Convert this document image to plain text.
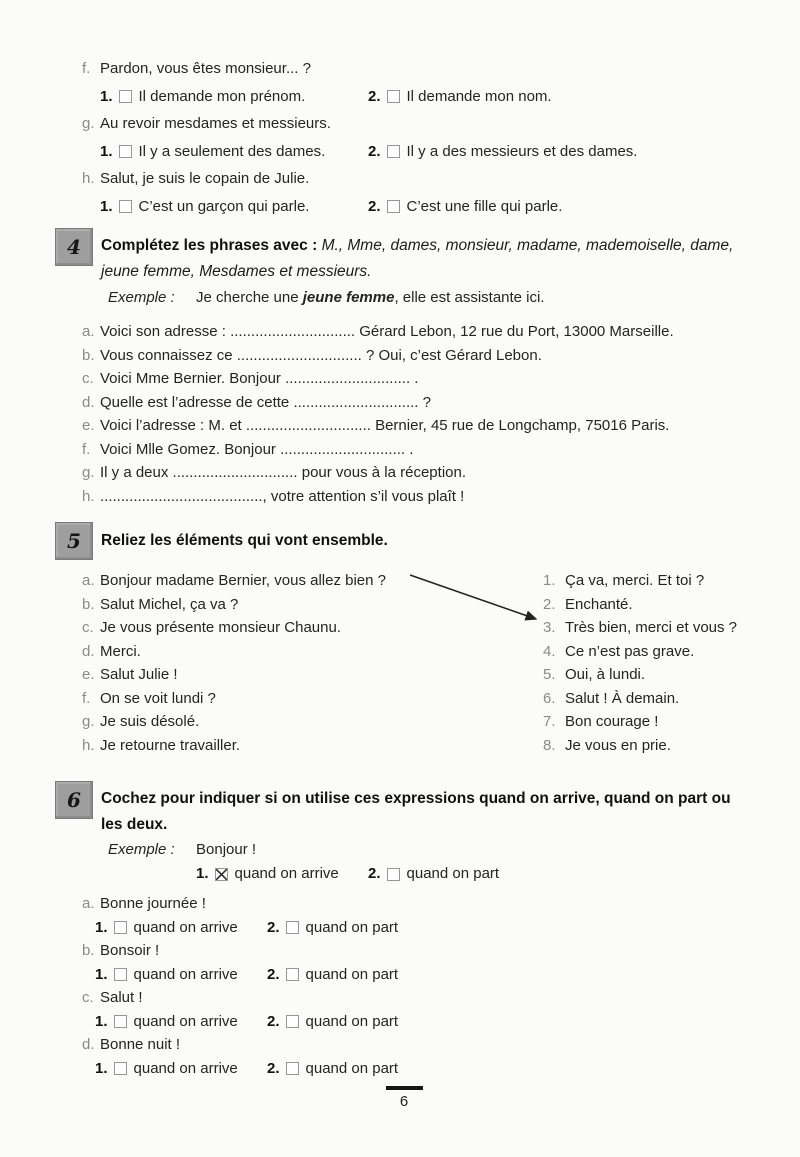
f. Pardon, vous êtes monsieur... ?
1. Il demande mon prénom.	2. Il demande mon nom.
g. Au revoir mesdames et messieurs.
1. Il y a seulement des dames.	2. Il y a des messieurs et des dames.
h. Salut, je suis le copain de Julie.
1. C’est un garçon qui parle.	2. C’est une fille qui parle.
4	Complétez les phrases avec : M., Mme, dames, monsieur, madame, mademoiselle, dame,
jeune femme, Mesdames et messieurs.
Exemple :	Je cherche une jeune femme, elle est assistante ici.
a. Voici son adresse : .............................. Gérard Lebon, 12 rue du Port, 13000 Marseille.
b. Vous connaissez ce .............................. ? Oui, c’est Gérard Lebon.
c. Voici Mme Bernier. Bonjour .............................. .
d. Quelle est l’adresse de cette .............................. ?
e. Voici l’adresse : M. et .............................. Bernier, 45 rue de Longchamp, 75016 Paris.
f. Voici Mlle Gomez. Bonjour .............................. .
g. Il y a deux .............................. pour vous à la réception.
h. ......................................., votre attention s’il vous plaît !
5	Reliez les éléments qui vont ensemble.
a. Bonjour madame Bernier, vous allez bien ?
b. Salut Michel, ça va ?
c. Je vous présente monsieur Chaunu.
d. Merci.
e. Salut Julie !
f. On se voit lundi ?
g. Je suis désolé.
h. Je retourne travailler.
1. Ça va, merci. Et toi ?
2. Enchanté.
3. Très bien, merci et vous ?
4. Ce n’est pas grave.
5. Oui, à lundi.
6. Salut ! À demain.
7. Bon courage !
8. Je vous en prie.
6	Cochez pour indiquer si on utilise ces expressions quand on arrive, quand on part ou
les deux.
Exemple :	Bonjour !
1. quand on arrive 2. quand on part
a. Bonne journée !
1. quand on arrive 2. quand on part
b. Bonsoir !
1. quand on arrive 2. quand on part
c. Salut !
1. quand on arrive 2. quand on part
d. Bonne nuit !
1. quand on arrive 2. quand on part
6
